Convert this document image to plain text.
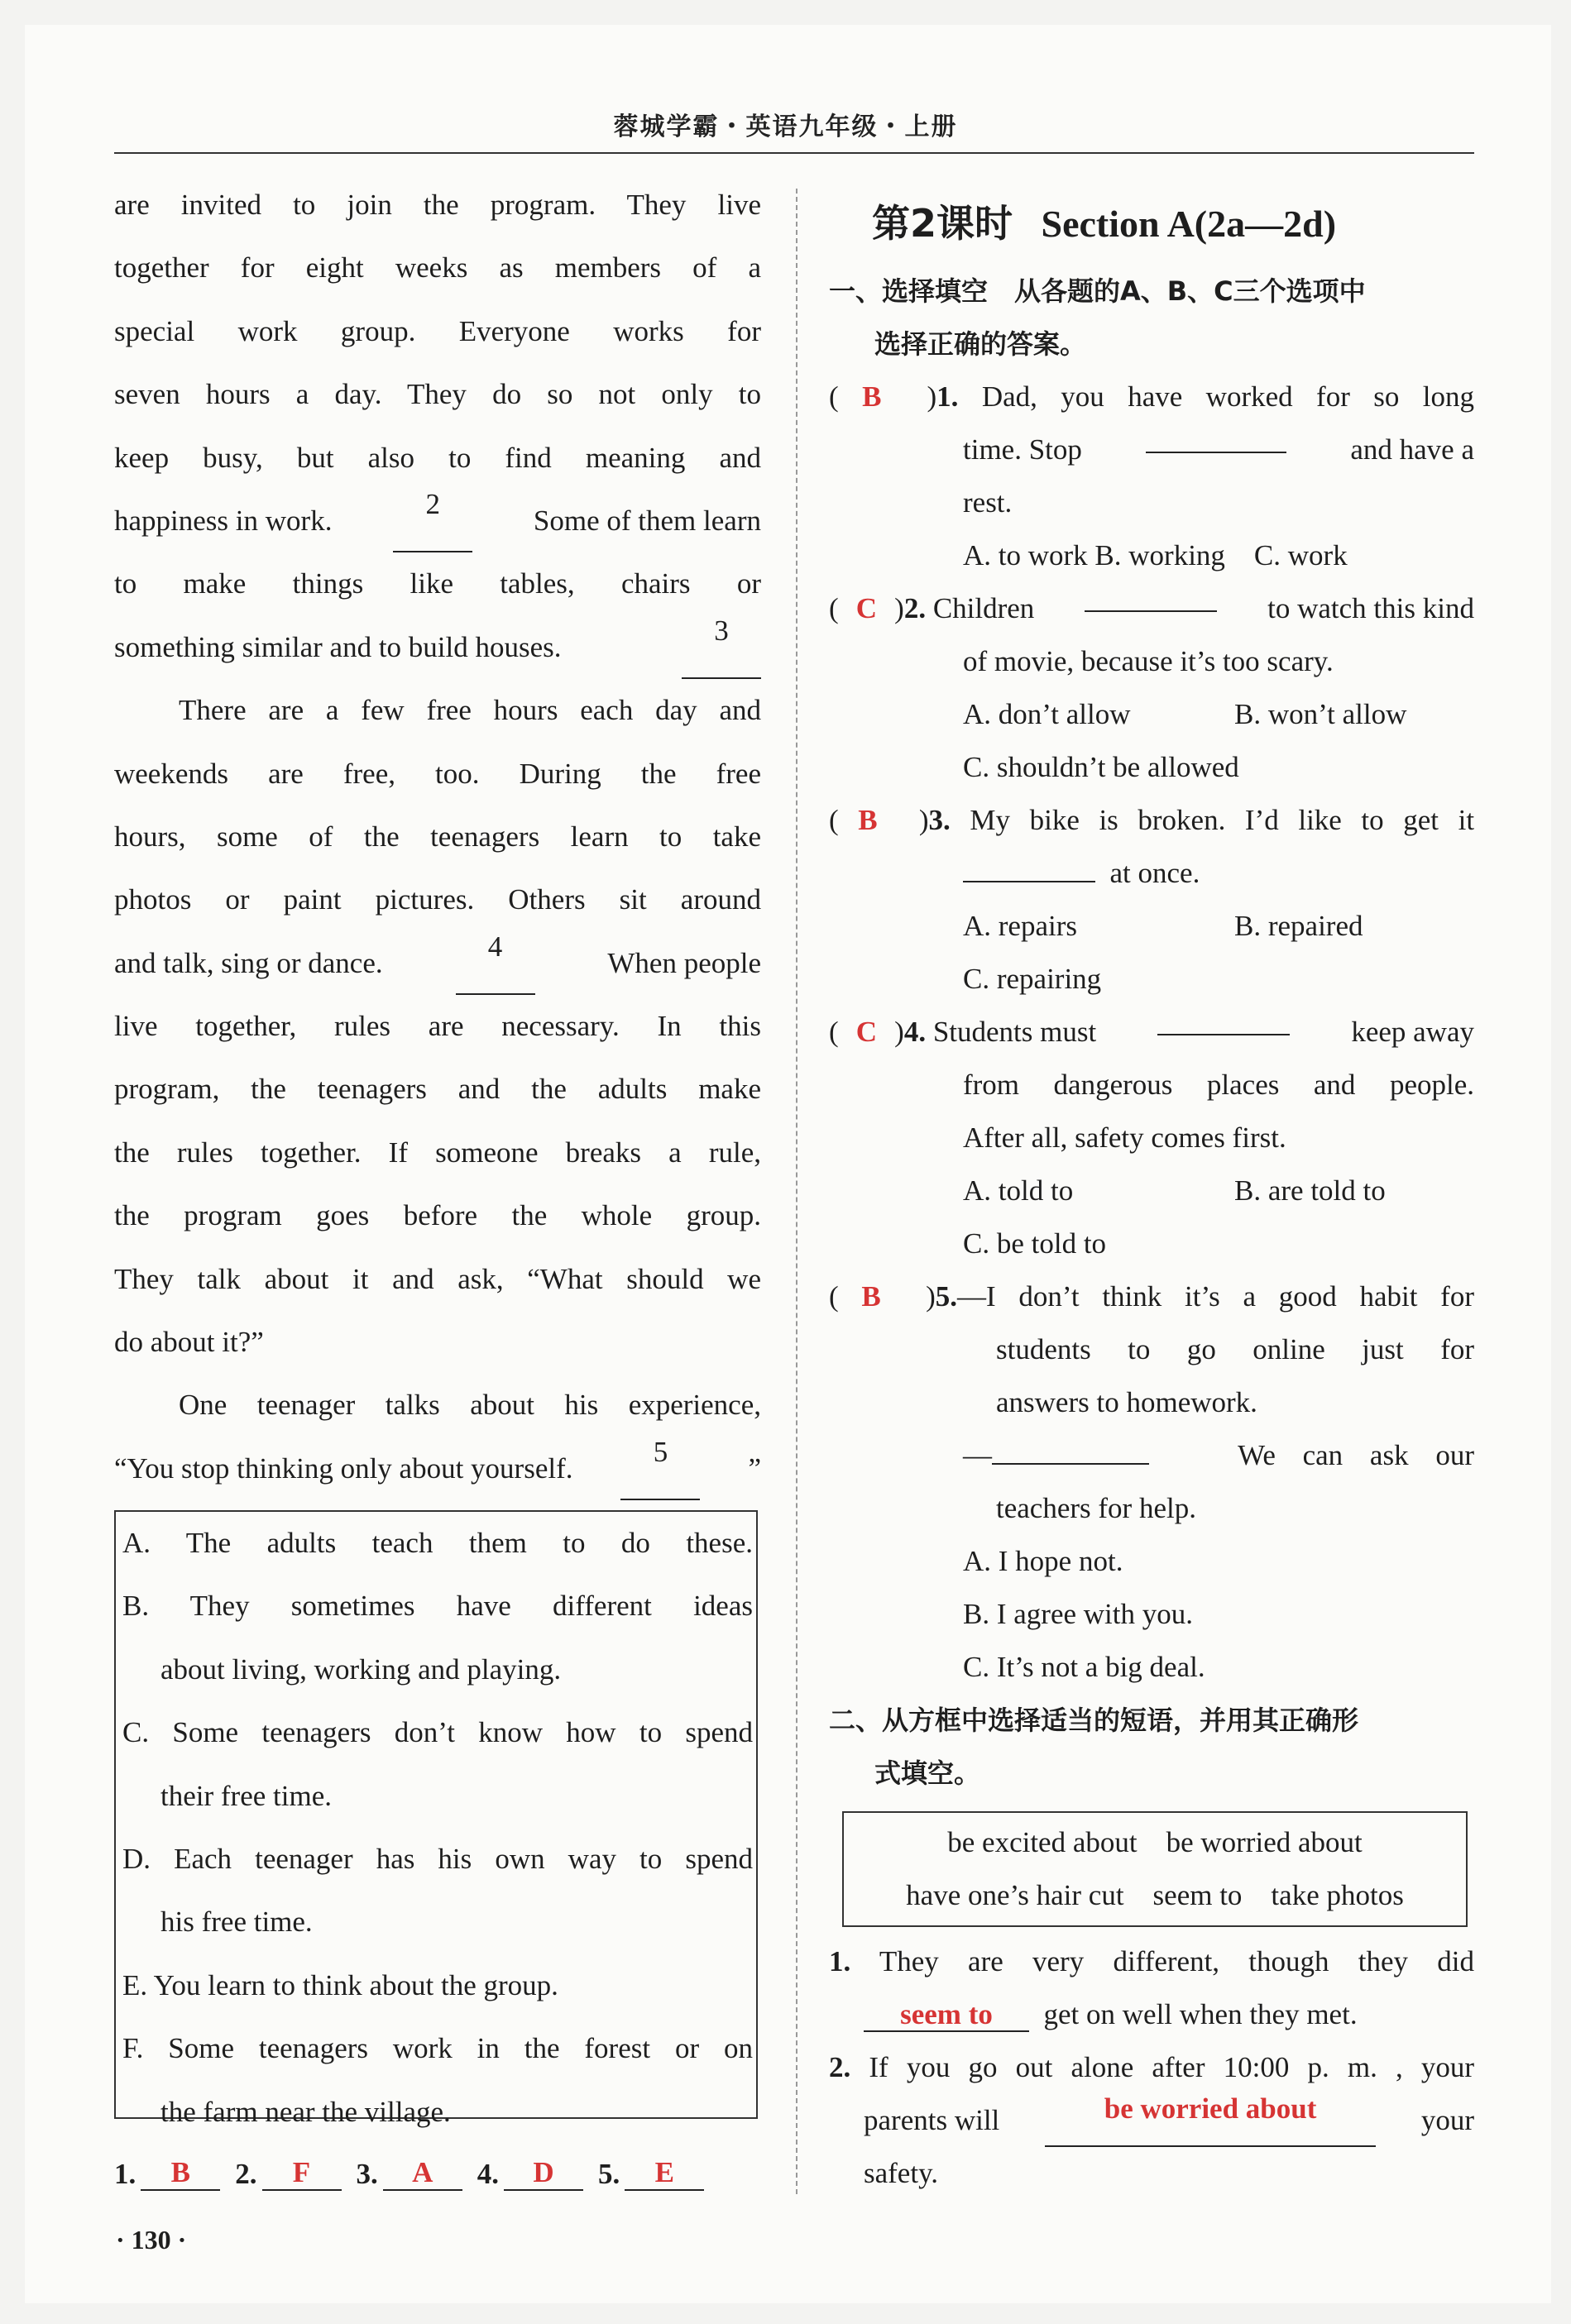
蓉城学霸・英语九年级・上册
are invited to join the program. They live
together for eight weeks as members of a
special work group. Everyone works for
seven hours a day. They do so not only to
keep busy, but also to find meaning and
happiness in work.
2
Some of them learn
to make things like tables, chairs or
something similar and to build houses.
3
There are a few free hours each day and
weekends are free, too. During the free
hours, some of the teenagers learn to take
photos or paint pictures. Others sit around
and talk, sing or dance.
4
When people
live together, rules are necessary. In this
program, the teenagers and the adults make
the rules together. If someone breaks a rule,
the program goes before the whole group.
They talk about it and ask, “What should we
do about it?”
One teenager talks about his experience,
“You stop thinking only about yourself.
5
”
A. The adults teach them to do these.
B. They sometimes have different ideas
about living, working and playing.
C. Some teenagers don’t know how to spend
their free time.
D. Each teenager has his own way to spend
his free time.
E. You learn to think about the group.
F. Some teenagers work in the forest or on
the farm near the village.
1.	B	2.	F	3.	A	4.	D	5.	E
· 130 ·
第2课时 Section A(2a—2d)
一、选择填空　从各题的A、B、C三个选项中
选择正确的答案。
( B )1. Dad, you have worked for so long
time. Stop	and have a
rest.
A. to work B. working　C. work
( C )2. Children	to watch this kind
of movie, because it’s too scary.
A. don’t allow	B. won’t allow
C. shouldn’t be allowed
( B )3. My bike is broken. I’d like to get it
at once.
A. repairs	B. repaired
C. repairing
( C )4. Students must	keep away
from dangerous places and people.
After all, safety comes first.
A. told to	B. are told to
C. be told to
( B )5.—I don’t think it’s a good habit for
students to go online just for
answers to homework.
—	We can ask our
teachers for help.
A. I hope not.
B. I agree with you.
C. It’s not a big deal.
二、从方框中选择适当的短语，并用其正确形
式填空。
be excited about　be worried about
have one’s hair cut　seem to　take photos
1. They are very different, though they did
seem to get on well when they met.
2. If you go out alone after 10:00 p. m. , your
parents will	be worried about	your
safety.
